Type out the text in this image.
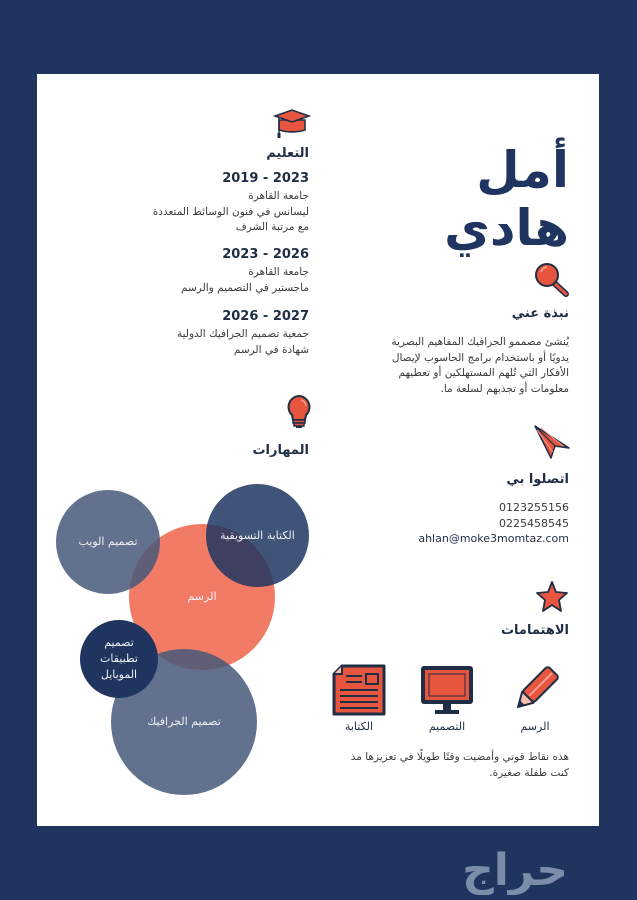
أمل
هادي
نبذة عني
يُنشئ مصممو الجرافيك المفاهيم البصرية يدويًا أو باستخدام برامج الحاسوب لإيصال الأفكار التي تُلهم المستهلكين أو تعطيهم معلومات أو تجذبهم لسلعة ما.
التعليم
2019 - 2023
جامعة القاهرة
ليسانس في فنون الوسائط المتعددة
مع مرتبة الشرف
2023 - 2026
جامعة القاهرة
ماجستير في التصميم والرسم
2026 - 2027
جمعية تصميم الجرافيك الدولية
شهادة في الرسم
اتصلوا بي
0123255156
0225458545
ahlan@moke3momtaz.com
الاهتمامات
الرسم
التصميم
الكتابة
هذه نقاط قوتي وأمضيت وقتًا طويلًا في تعزيزها مذ كنت طفلة صغيرة.
المهارات
الرسم
تصميم الويب	الكتابة التسويقية
تصميم الجرافيك
تصميم تطبيقات الموبايل
حراج
